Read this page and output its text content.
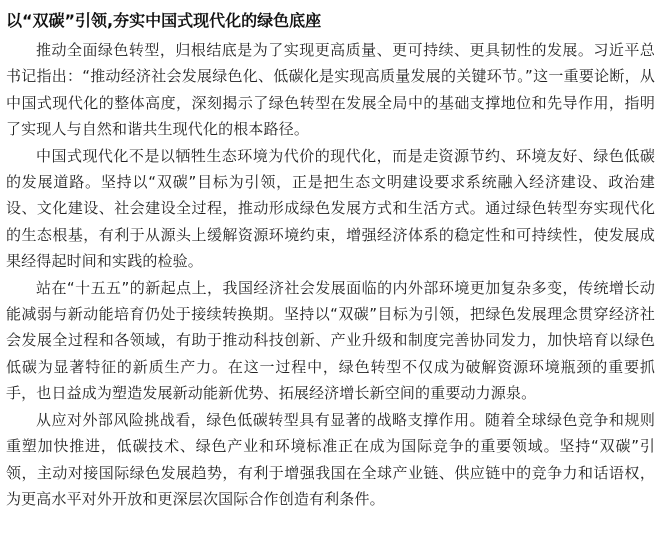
以“双碳”引领,夯实中国式现代化的绿色底座

推动全面绿色转型，归根结底是为了实现更高质量、更可持续、更具韧性的发展。习近平总书记指出：“推动经济社会发展绿色化、低碳化是实现高质量发展的关键环节。”这一重要论断，从中国式现代化的整体高度，深刻揭示了绿色转型在发展全局中的基础支撑地位和先导作用，指明了实现人与自然和谐共生现代化的根本路径。

中国式现代化不是以牺牲生态环境为代价的现代化，而是走资源节约、环境友好、绿色低碳的发展道路。坚持以“双碳”目标为引领，正是把生态文明建设要求系统融入经济建设、政治建设、文化建设、社会建设全过程，推动形成绿色发展方式和生活方式。通过绿色转型夯实现代化的生态根基，有利于从源头上缓解资源环境约束，增强经济体系的稳定性和可持续性，使发展成果经得起时间和实践的检验。

站在“十五五”的新起点上，我国经济社会发展面临的内外部环境更加复杂多变，传统增长动能减弱与新动能培育仍处于接续转换期。坚持以“双碳”目标为引领，把绿色发展理念贯穿经济社会发展全过程和各领域，有助于推动科技创新、产业升级和制度完善协同发力，加快培育以绿色低碳为显著特征的新质生产力。在这一过程中，绿色转型不仅成为破解资源环境瓶颈的重要抓手，也日益成为塑造发展新动能新优势、拓展经济增长新空间的重要动力源泉。

从应对外部风险挑战看，绿色低碳转型具有显著的战略支撑作用。随着全球绿色竞争和规则重塑加快推进，低碳技术、绿色产业和环境标准正在成为国际竞争的重要领域。坚持“双碳”引领，主动对接国际绿色发展趋势，有利于增强我国在全球产业链、供应链中的竞争力和话语权，为更高水平对外开放和更深层次国际合作创造有利条件。
